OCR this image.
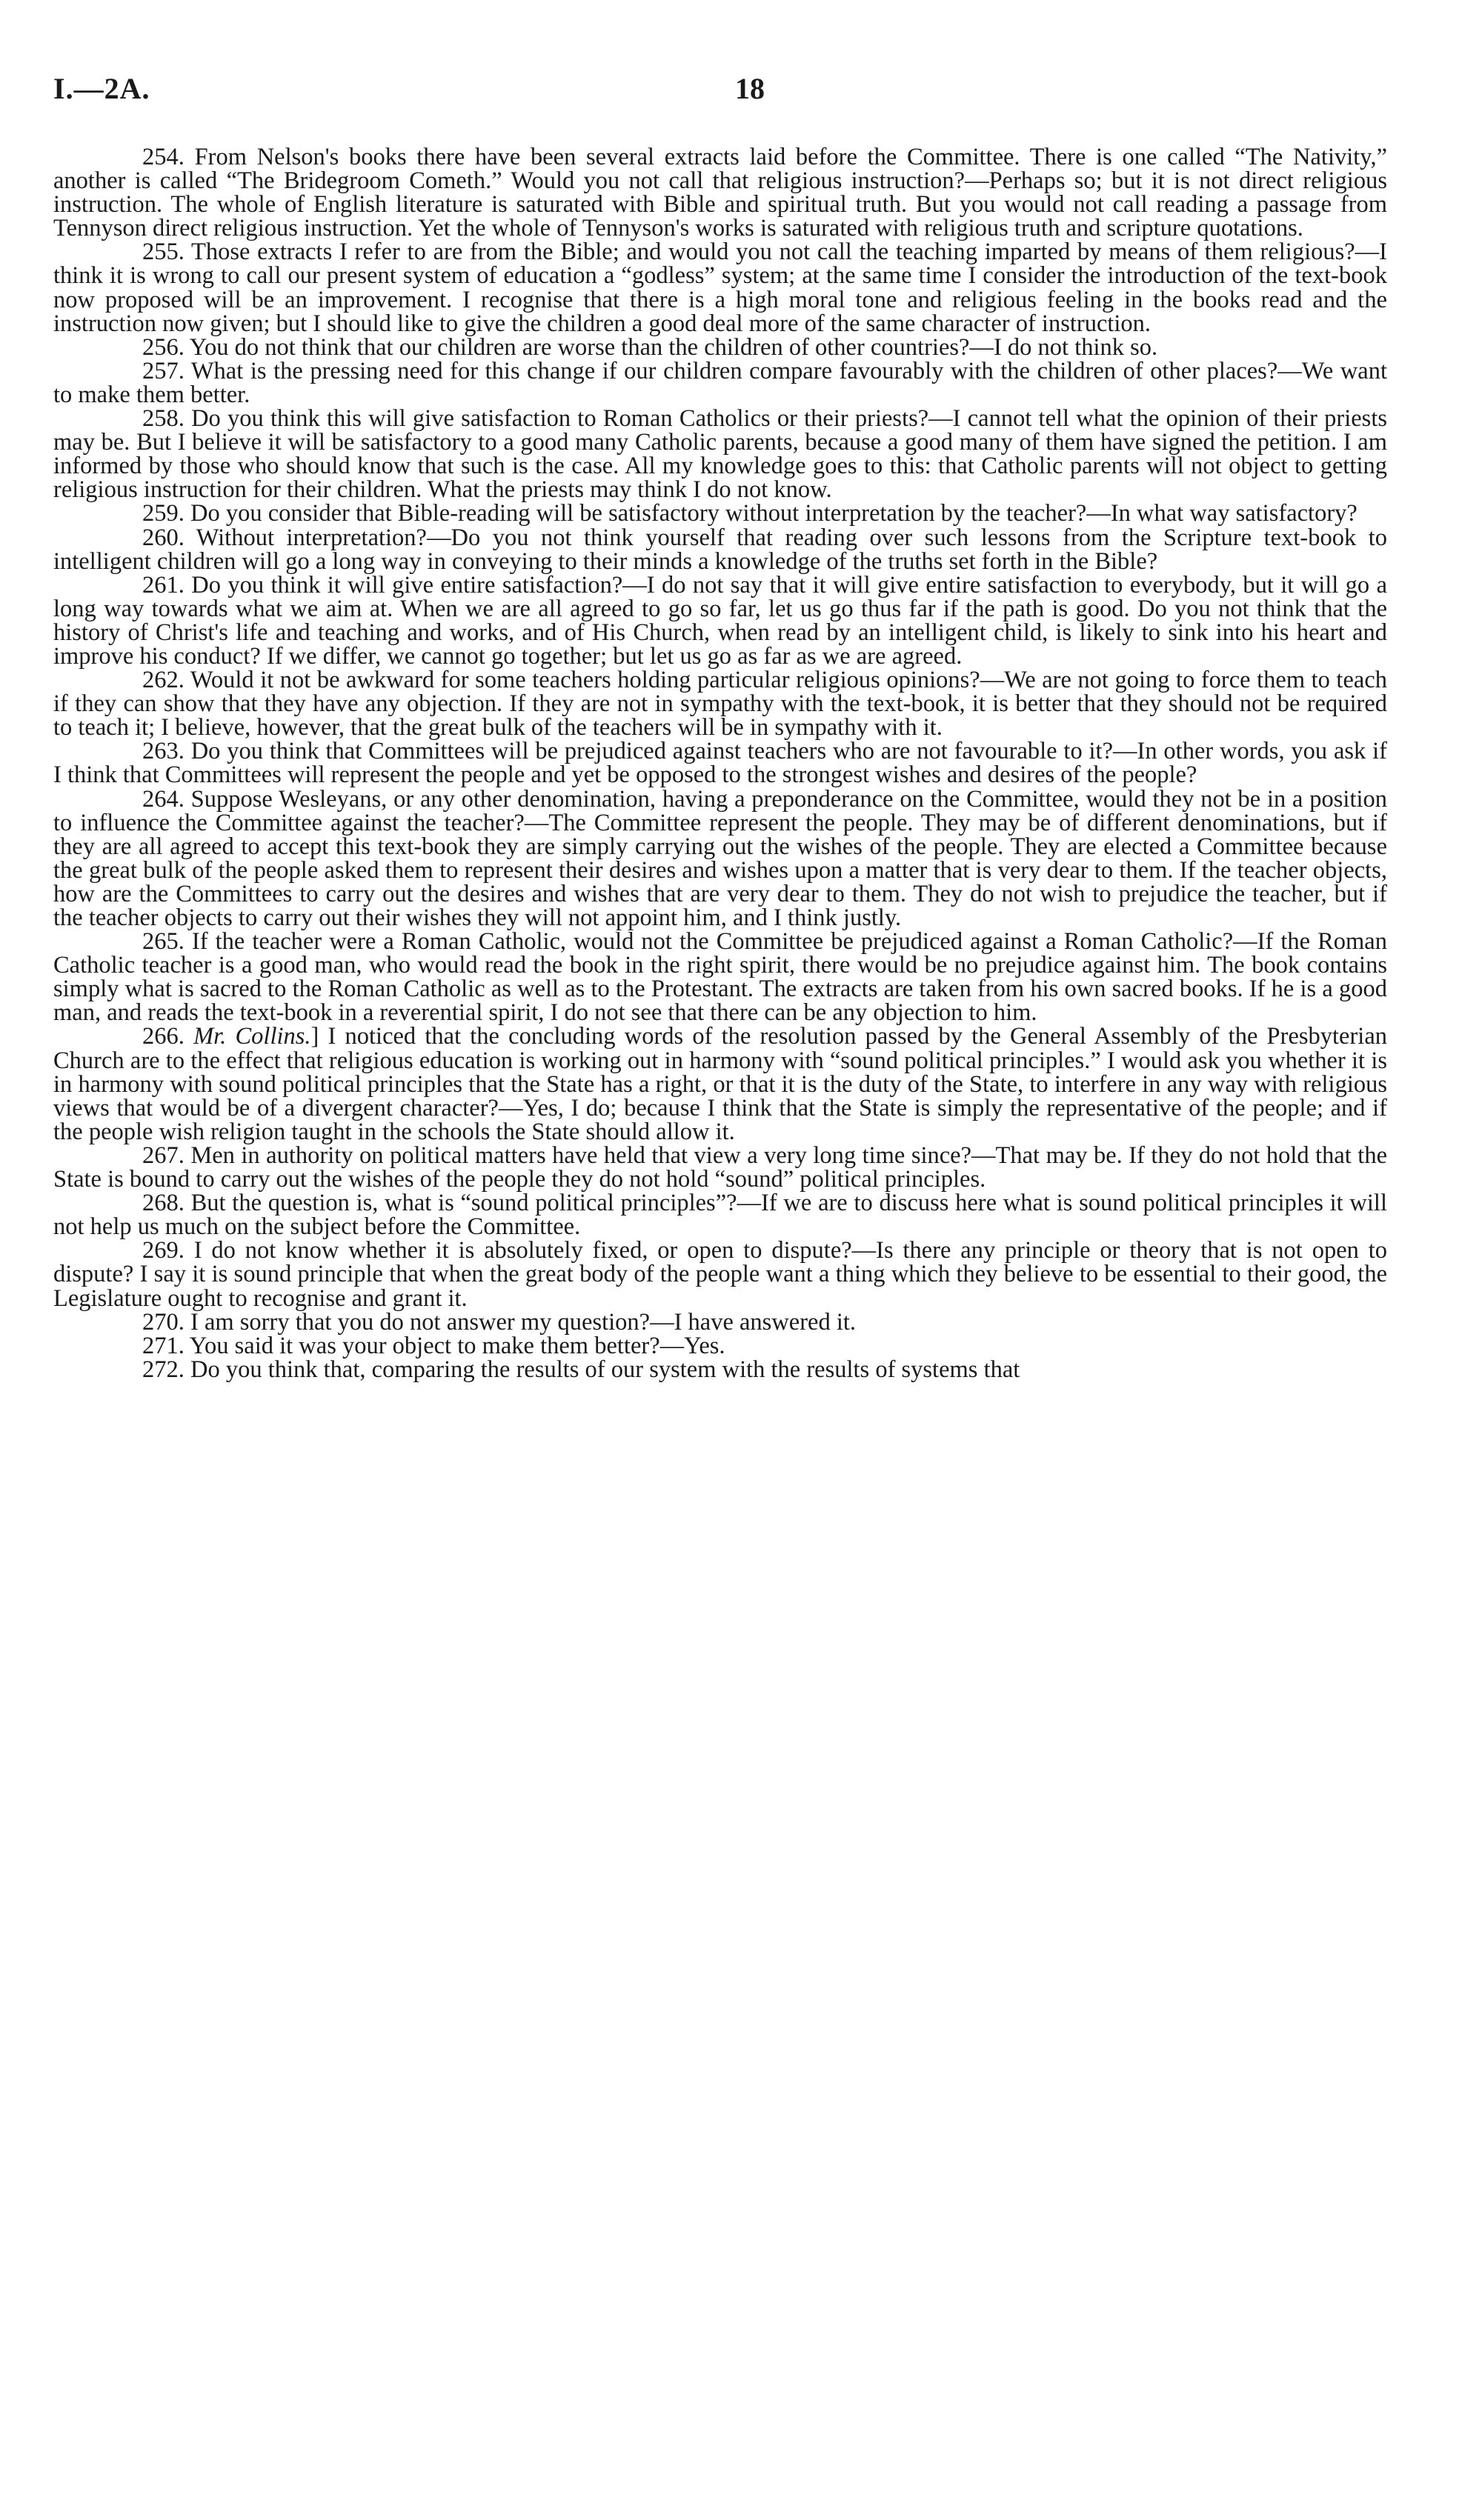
I.—2A.	18

254. From Nelson's books there have been several extracts laid before the Committee. There is one called “The Nativity,” another is called “The Bridegroom Cometh.” Would you not call that religious instruction?—Perhaps so; but it is not direct religious instruction. The whole of English literature is saturated with Bible and spiritual truth. But you would not call reading a passage from Tennyson direct religious instruction. Yet the whole of Tennyson's works is saturated with religious truth and scripture quotations.

255. Those extracts I refer to are from the Bible; and would you not call the teaching imparted by means of them religious?—I think it is wrong to call our present system of education a “godless” system; at the same time I consider the introduction of the text-book now proposed will be an improvement. I recognise that there is a high moral tone and religious feeling in the books read and the instruction now given; but I should like to give the children a good deal more of the same character of instruction.

256. You do not think that our children are worse than the children of other countries?—I do not think so.

257. What is the pressing need for this change if our children compare favourably with the children of other places?—We want to make them better.

258. Do you think this will give satisfaction to Roman Catholics or their priests?—I cannot tell what the opinion of their priests may be. But I believe it will be satisfactory to a good many Catholic parents, because a good many of them have signed the petition. I am informed by those who should know that such is the case. All my knowledge goes to this: that Catholic parents will not object to getting religious instruction for their children. What the priests may think I do not know.

259. Do you consider that Bible-reading will be satisfactory without interpretation by the teacher?—In what way satisfactory?

260. Without interpretation?—Do you not think yourself that reading over such lessons from the Scripture text-book to intelligent children will go a long way in conveying to their minds a knowledge of the truths set forth in the Bible?

261. Do you think it will give entire satisfaction?—I do not say that it will give entire satisfaction to everybody, but it will go a long way towards what we aim at. When we are all agreed to go so far, let us go thus far if the path is good. Do you not think that the history of Christ's life and teaching and works, and of His Church, when read by an intelligent child, is likely to sink into his heart and improve his conduct? If we differ, we cannot go together; but let us go as far as we are agreed.

262. Would it not be awkward for some teachers holding particular religious opinions?—We are not going to force them to teach if they can show that they have any objection. If they are not in sympathy with the text-book, it is better that they should not be required to teach it; I believe, however, that the great bulk of the teachers will be in sympathy with it.

263. Do you think that Committees will be prejudiced against teachers who are not favourable to it?—In other words, you ask if I think that Committees will represent the people and yet be opposed to the strongest wishes and desires of the people?

264. Suppose Wesleyans, or any other denomination, having a preponderance on the Committee, would they not be in a position to influence the Committee against the teacher?—The Committee represent the people. They may be of different denominations, but if they are all agreed to accept this text-book they are simply carrying out the wishes of the people. They are elected a Committee because the great bulk of the people asked them to represent their desires and wishes upon a matter that is very dear to them. If the teacher objects, how are the Committees to carry out the desires and wishes that are very dear to them. They do not wish to prejudice the teacher, but if the teacher objects to carry out their wishes they will not appoint him, and I think justly.

265. If the teacher were a Roman Catholic, would not the Committee be prejudiced against a Roman Catholic?—If the Roman Catholic teacher is a good man, who would read the book in the right spirit, there would be no prejudice against him. The book contains simply what is sacred to the Roman Catholic as well as to the Protestant. The extracts are taken from his own sacred books. If he is a good man, and reads the text-book in a reverential spirit, I do not see that there can be any objection to him.

266. Mr. Collins.] I noticed that the concluding words of the resolution passed by the General Assembly of the Presbyterian Church are to the effect that religious education is working out in harmony with “sound political principles.” I would ask you whether it is in harmony with sound political principles that the State has a right, or that it is the duty of the State, to interfere in any way with religious views that would be of a divergent character?—Yes, I do; because I think that the State is simply the representative of the people; and if the people wish religion taught in the schools the State should allow it.

267. Men in authority on political matters have held that view a very long time since?—That may be. If they do not hold that the State is bound to carry out the wishes of the people they do not hold “sound” political principles.

268. But the question is, what is “sound political principles”?—If we are to discuss here what is sound political principles it will not help us much on the subject before the Committee.

269. I do not know whether it is absolutely fixed, or open to dispute?—Is there any principle or theory that is not open to dispute? I say it is sound principle that when the great body of the people want a thing which they believe to be essential to their good, the Legislature ought to recognise and grant it.

270. I am sorry that you do not answer my question?—I have answered it.

271. You said it was your object to make them better?—Yes.

272. Do you think that, comparing the results of our system with the results of systems that
